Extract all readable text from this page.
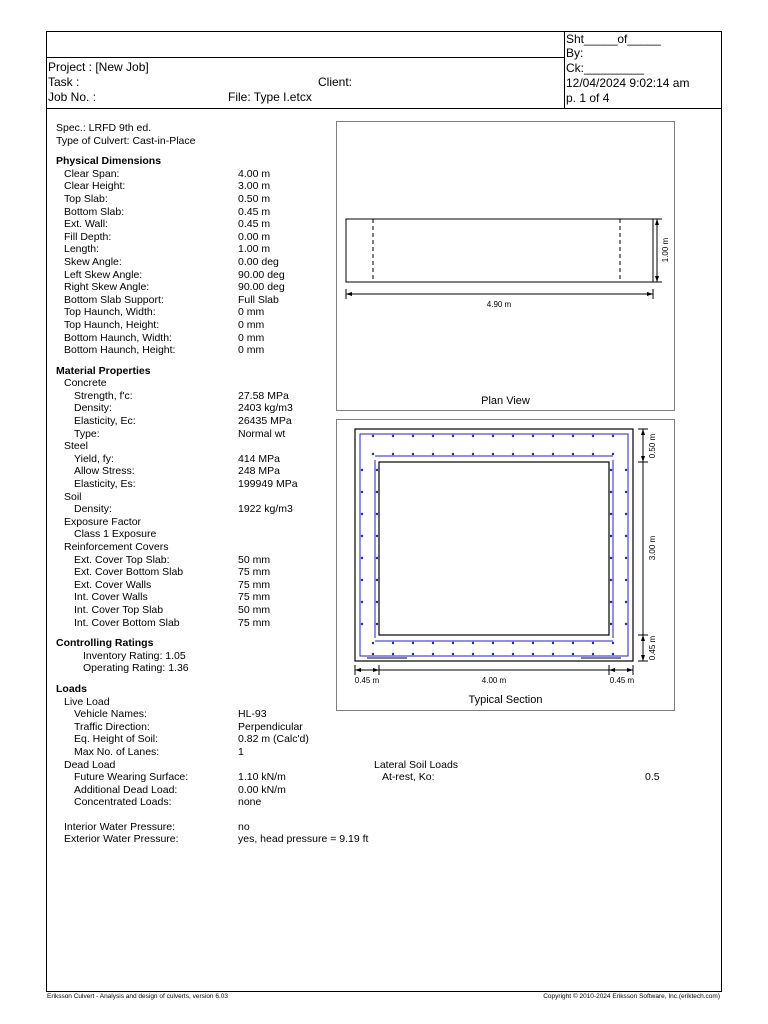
Sht_____of_____
By:
Ck:_________
12/04/2024 9:02:14 am
p. 1 of 4
Project : [New Job]
Task :	Client:
Job No. :	File: Type I.etcx
Spec.: LRFD 9th ed.
Type of Culvert: Cast-in-Place
Physical Dimensions
Clear Span:	4.00 m
Clear Height:	3.00 m
Top Slab:	0.50 m
Bottom Slab:	0.45 m
Ext. Wall:	0.45 m
Fill Depth:	0.00 m
Length:	1.00 m
Skew Angle:	0.00 deg
Left Skew Angle:	90.00 deg
Right Skew Angle:	90.00 deg
Bottom Slab Support:	Full Slab
Top Haunch, Width:	0 mm
Top Haunch, Height:	0 mm
Bottom Haunch, Width:	0 mm
Bottom Haunch, Height:	0 mm
Material Properties
Concrete
Strength, f'c:	27.58 MPa
Density:	2403 kg/m3
Elasticity, Ec:	26435 MPa
Type:	Normal wt
Steel
Yield, fy:	414 MPa
Allow Stress:	248 MPa
Elasticity, Es:	199949 MPa
Soil
Density:	1922 kg/m3
Exposure Factor
Class 1 Exposure
Reinforcement Covers
Ext. Cover Top Slab:	50 mm
Ext. Cover Bottom Slab	75 mm
Ext. Cover Walls	75 mm
Int. Cover Walls	75 mm
Int. Cover Top Slab	50 mm
Int. Cover Bottom Slab	75 mm
Controlling Ratings
Inventory Rating: 1.05
Operating Rating: 1.36
Loads
Live Load
Vehicle Names:	HL-93
Traffic Direction:	Perpendicular
Eq. Height of Soil:	0.82 m (Calc'd)
Max No. of Lanes:	1
Dead Load	Lateral Soil Loads
Future Wearing Surface:	1.10 kN/m
Additional Dead Load:	0.00 kN/m
Concentrated Loads:	none
At-rest, Ko:	0.5
Interior Water Pressure:	no
Exterior Water Pressure:	yes, head pressure = 9.19 ft
4.90 m
1.00 m
Plan View
0.45 m	4.00 m	0.45 m
0.50 m
3.00 m
0.45 m
Typical Section
Eriksson Culvert - Analysis and design of culverts, version 6.03	Copyright © 2010-2024 Eriksson Software, Inc.(eriktech.com)
